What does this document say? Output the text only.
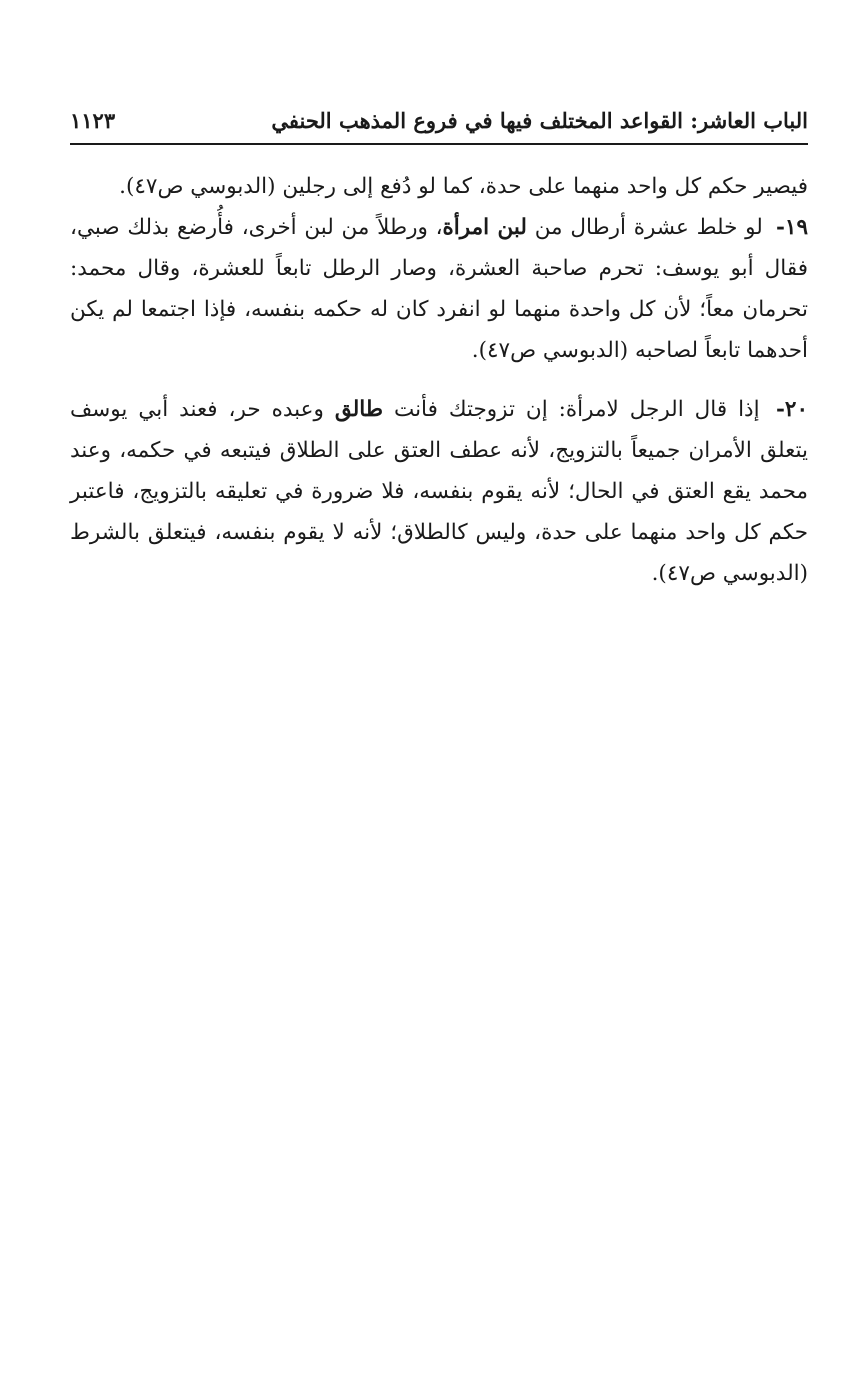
الباب العاشر: القواعد المختلف فيها في فروع المذهب الحنفي
١١٢٣

فيصير حكم كل واحد منهما على حدة، كما لو دُفع إلى رجلين (الدبوسي ص٤٧).

١٩- لو خلط عشرة أرطال من لبن امرأة، ورطلاً من لبن أخرى، فأُرضع بذلك صبي، فقال أبو يوسف: تحرم صاحبة العشرة، وصار الرطل تابعاً للعشرة، وقال محمد: تحرمان معاً؛ لأن كل واحدة منهما لو انفرد كان له حكمه بنفسه، فإذا اجتمعا لم يكن أحدهما تابعاً لصاحبه (الدبوسي ص٤٧).

٢٠- إذا قال الرجل لامرأة: إن تزوجتك فأنت طالق وعبده حر، فعند أبي يوسف يتعلق الأمران جميعاً بالتزويج، لأنه عطف العتق على الطلاق فيتبعه في حكمه، وعند محمد يقع العتق في الحال؛ لأنه يقوم بنفسه، فلا ضرورة في تعليقه بالتزويج، فاعتبر حكم كل واحد منهما على حدة، وليس كالطلاق؛ لأنه لا يقوم بنفسه، فيتعلق بالشرط (الدبوسي ص٤٧).
